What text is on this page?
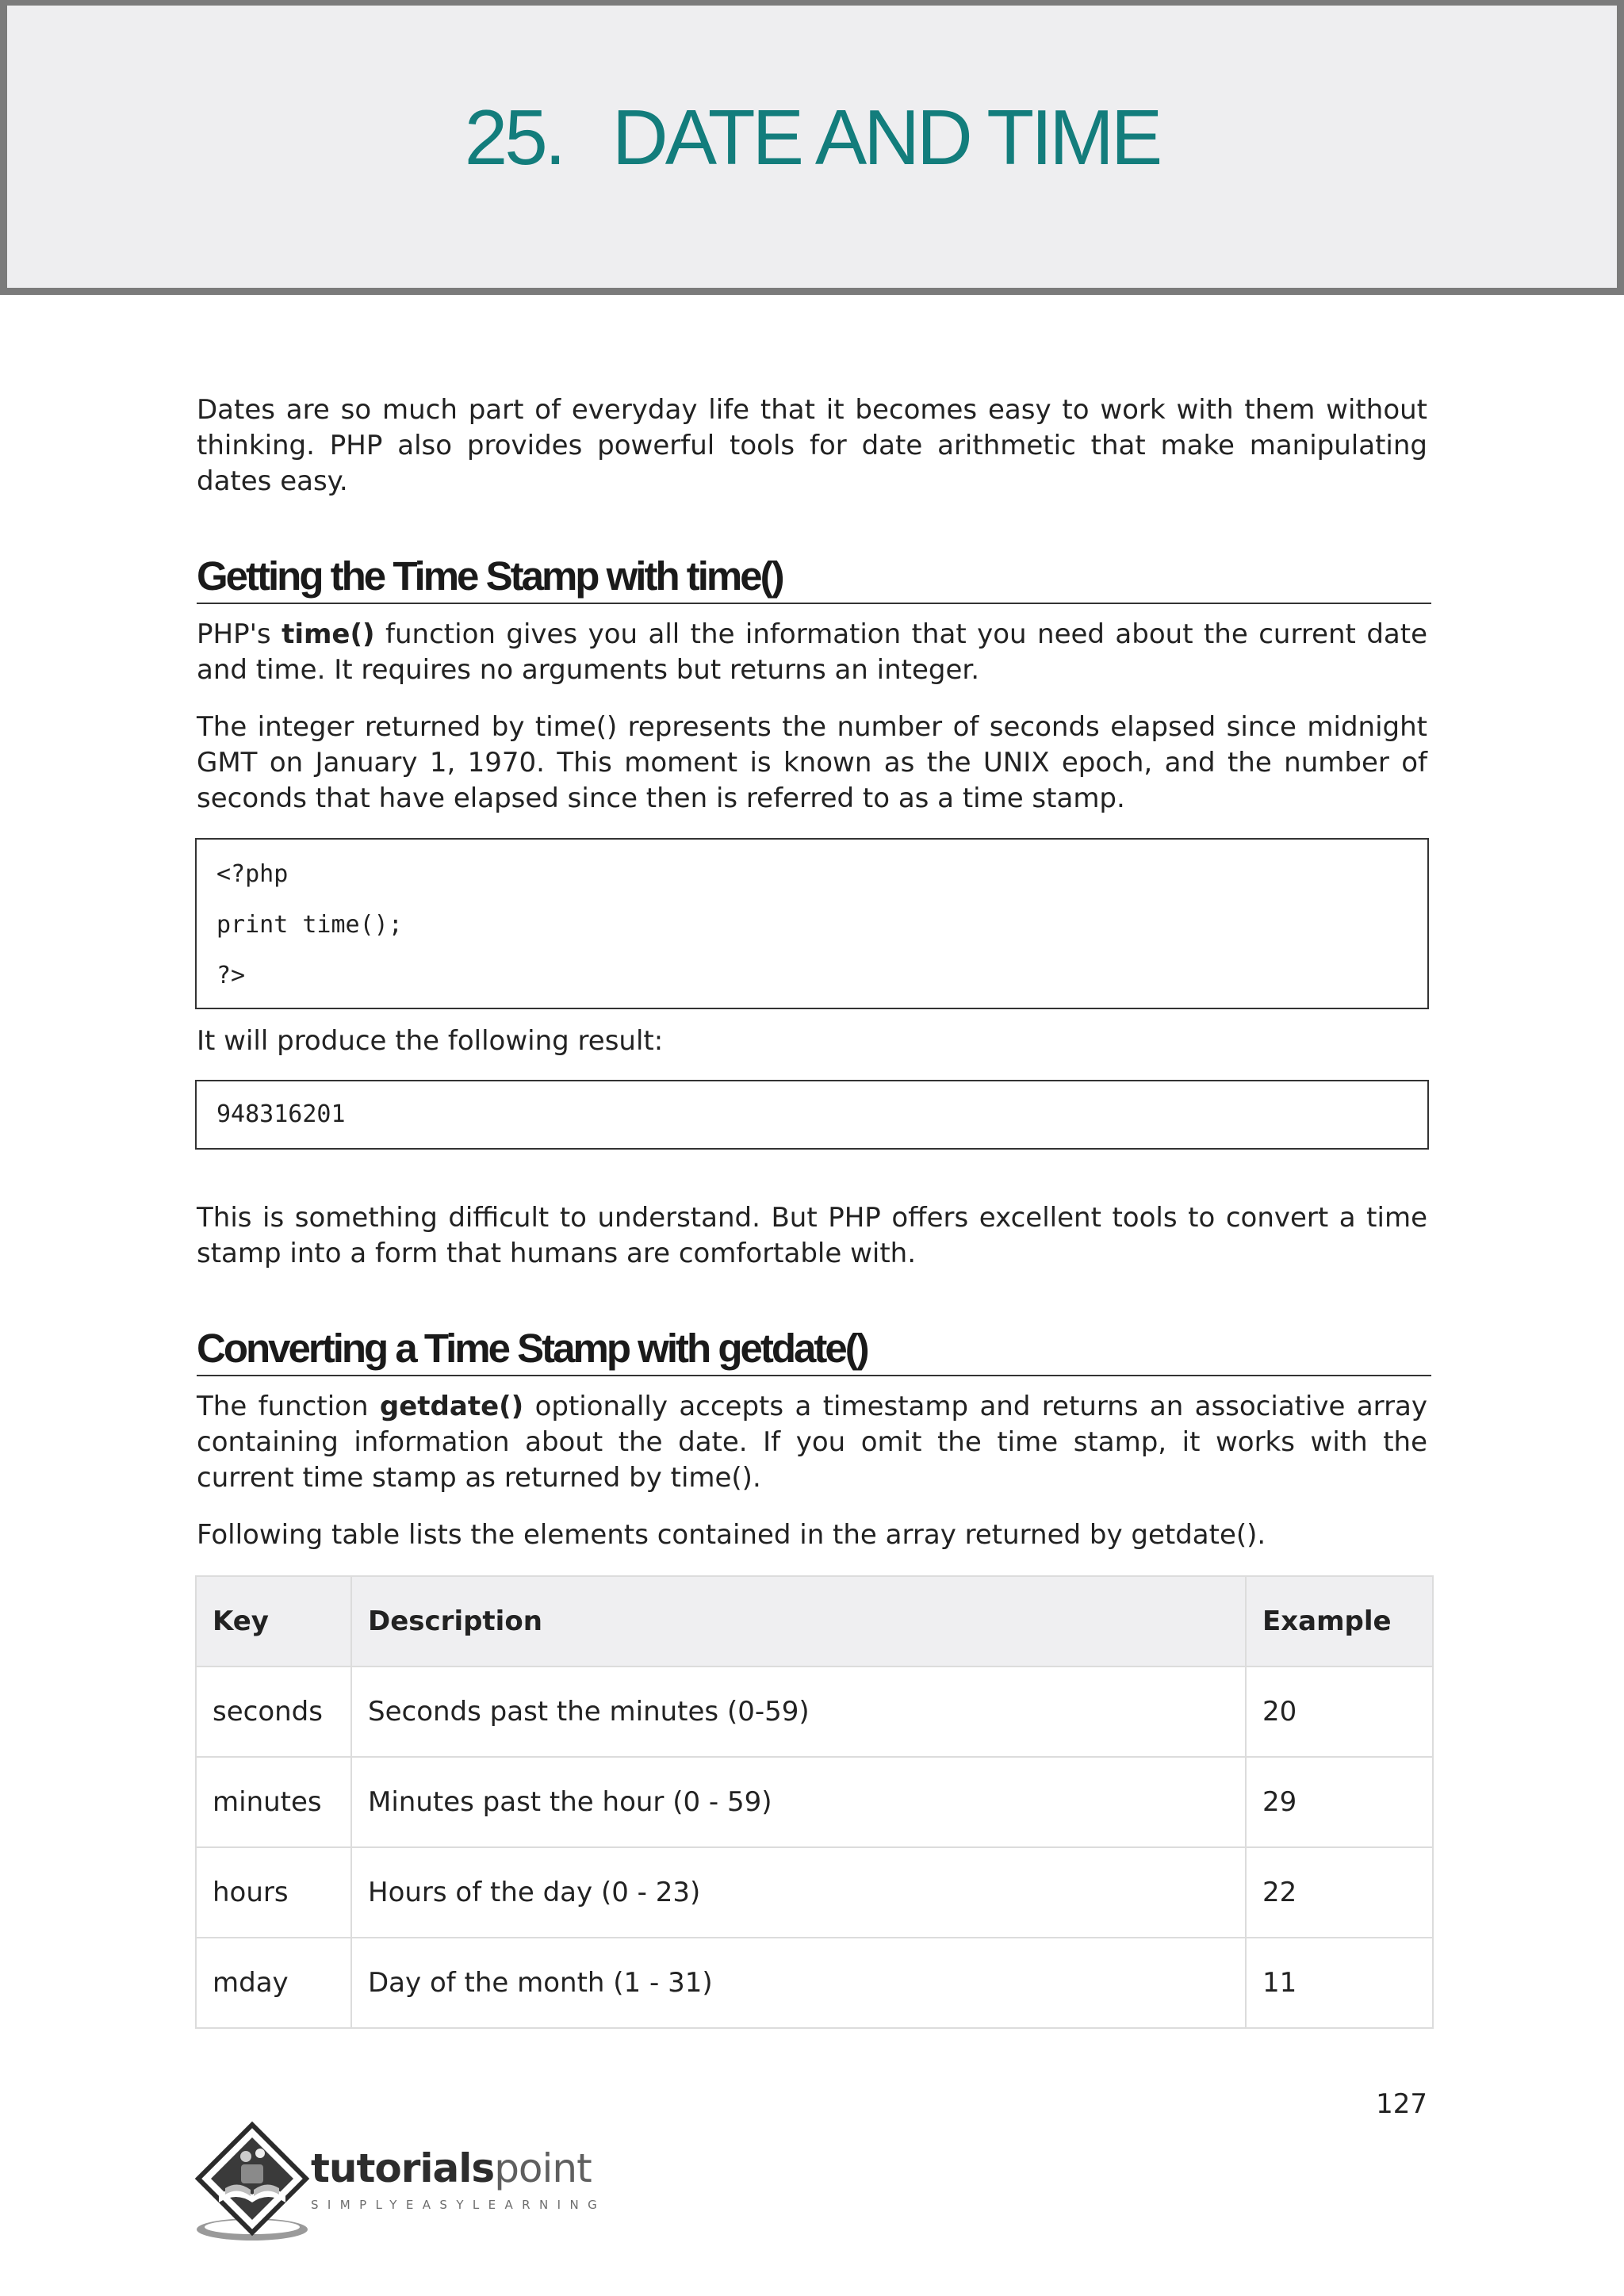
25. DATE AND TIME

Dates are so much part of everyday life that it becomes easy to work with them without thinking. PHP also provides powerful tools for date arithmetic that make manipulating dates easy.

Getting the Time Stamp with time()

PHP's time() function gives you all the information that you need about the current date and time. It requires no arguments but returns an integer.

The integer returned by time() represents the number of seconds elapsed since midnight GMT on January 1, 1970. This moment is known as the UNIX epoch, and the number of seconds that have elapsed since then is referred to as a time stamp.

<?php
print time();
?>

It will produce the following result:

948316201

This is something difficult to understand. But PHP offers excellent tools to convert a time stamp into a form that humans are comfortable with.

Converting a Time Stamp with getdate()

The function getdate() optionally accepts a timestamp and returns an associative array containing information about the date. If you omit the time stamp, it works with the current time stamp as returned by time().

Following table lists the elements contained in the array returned by getdate().

Key	Description	Example
seconds	Seconds past the minutes (0-59)	20
minutes	Minutes past the hour (0 - 59)	29
hours	Hours of the day (0 - 23)	22
mday	Day of the month (1 - 31)	11
127
tutorialspoint
SIMPLYEASYLEARNING
